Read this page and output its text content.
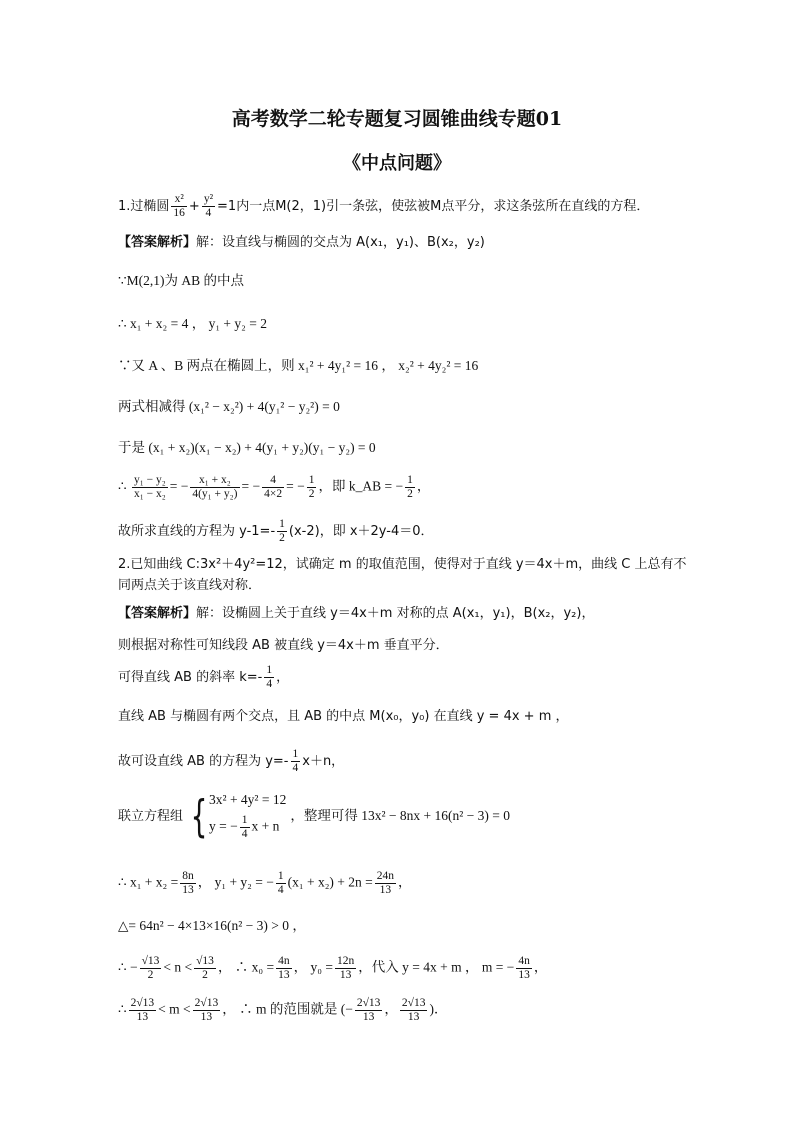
高考数学二轮专题复习圆锥曲线专题01
《中点问题》
1.过椭圆 $\frac{\text{x²}}{16} + \frac{\text{y²}}{4} =1$内一点M(2，1)引一条弦，使弦被M点平分，求这条弦所在直线的方程．
【答案解析】解：设直线与椭圆的交点为 A(x₁，y₁)、B(x₂，y₂)
∵M(2,1)为 AB 的中点
∴ x₁ + x₂ = 4 ， y₁ + y₂ = 2
∵又 A 、B 两点在椭圆上，则 x₁² + 4y₁² = 16 ， x₂² + 4y₂² = 16
两式相减得 (x₁² − x₂²) + 4(y₁² − y₂²) = 0
于是 (x₁ + x₂)(x₁ − x₂) + 4(y₁ + y₂)(y₁ − y₂) = 0
∴ $\frac{\text{y₁ − y₂}}{\text{x₁ − x₂}}$ = − $\frac{\text{x₁ + x₂}}{\text{4(y₁ + y₂)}}$ = − $\frac{4}{4\times 2}$ = − $\frac{1}{2}$ ，即 k_AB = − $\frac{1}{2}$ ，
故所求直线的方程为 $y-1=- \frac{1}{2} (x-2)$，即 x＋2y-4＝0．
2.已知曲线 C:3x²＋4y²=12，试确定 m 的取值范围，使得对于直线 y＝4x＋m，曲线 C 上总有不
同两点关于该直线对称．
【答案解析】解：设椭圆上关于直线 y＝4x＋m 对称的点 A(x₁，y₁)，B(x₂，y₂)，
则根据对称性可知线段 AB 被直线 y＝4x＋m 垂直平分．
可得直线 AB 的斜率 $k=- \frac{1}{4}$ ，
直线 AB 与椭圆有两个交点，且 AB 的中点 M(x₀，y₀) 在直线 y = 4x + m ，
故可设直线 AB 的方程为 $y=- \frac{1}{4} x+n$，
联立方程组 { 3x² + 4y² = 12
y = − $\frac{1}{4}$ x + n
，整理可得 13x² − 8nx + 16(n² − 3) = 0
∴ $x_1 + x_2 = \frac{8n}{13}$ ， y₁ + y₂ = − $\frac{1}{4} (x_1 + x_2) + 2n = \frac{24n}{13}$ ，
△= 64n² − 4×13×16(n² − 3) > 0 ，
∴ − $\frac{√13}{2} < n < \frac{√13}{2}$ ， ∴ $x_0 = \frac{4n}{13}$ ， $y_0 = \frac{12n}{13}$ ，代入 y = 4x + m ， m = − $\frac{4n}{13}$ ，
∴ $\frac{2√13}{13} < m < \frac{2√13}{13}$ ， ∴ m 的范围就是 (− $\frac{2√13}{13}$ ， $\frac{2√13}{13}$ )．
